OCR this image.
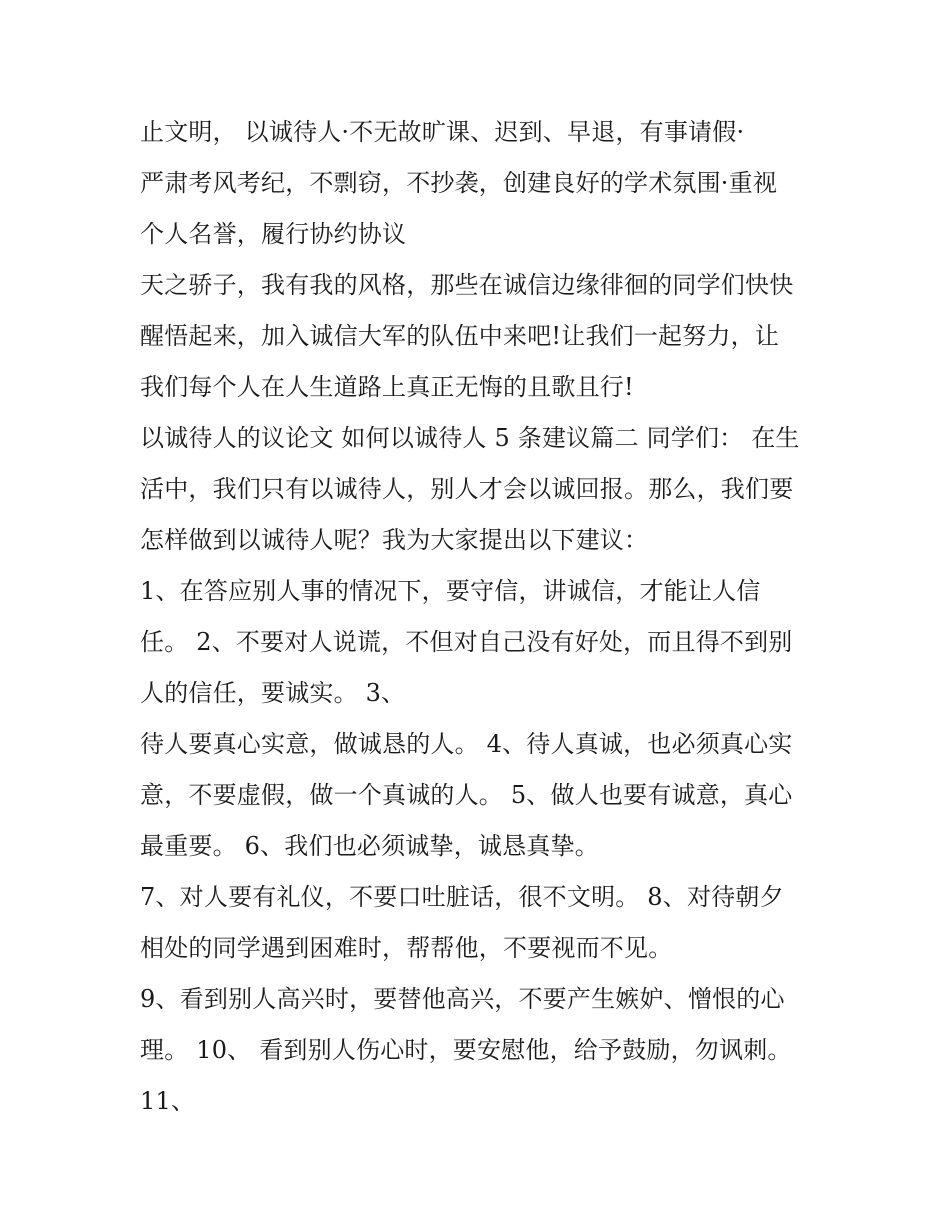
止文明， 以诚待人·不无故旷课、迟到、早退，有事请假·
严肃考风考纪，不剽窃，不抄袭，创建良好的学术氛围·重视
个人名誉，履行协约协议
天之骄子，我有我的风格，那些在诚信边缘徘徊的同学们快快
醒悟起来，加入诚信大军的队伍中来吧!让我们一起努力，让
我们每个人在人生道路上真正无悔的且歌且行!
以诚待人的议论文 如何以诚待人 5 条建议篇二 同学们： 在生
活中，我们只有以诚待人，别人才会以诚回报。那么，我们要
怎样做到以诚待人呢？我为大家提出以下建议：
1、在答应别人事的情况下，要守信，讲诚信，才能让人信
任。 2、不要对人说谎，不但对自己没有好处，而且得不到别
人的信任，要诚实。 3、
待人要真心实意，做诚恳的人。 4、待人真诚，也必须真心实
意，不要虚假，做一个真诚的人。 5、做人也要有诚意，真心
最重要。 6、我们也必须诚挚，诚恳真挚。
7、对人要有礼仪，不要口吐脏话，很不文明。 8、对待朝夕
相处的同学遇到困难时，帮帮他，不要视而不见。
9、看到别人高兴时，要替他高兴，不要产生嫉妒、憎恨的心
理。 10、 看到别人伤心时，要安慰他，给予鼓励，勿讽刺。
11、
